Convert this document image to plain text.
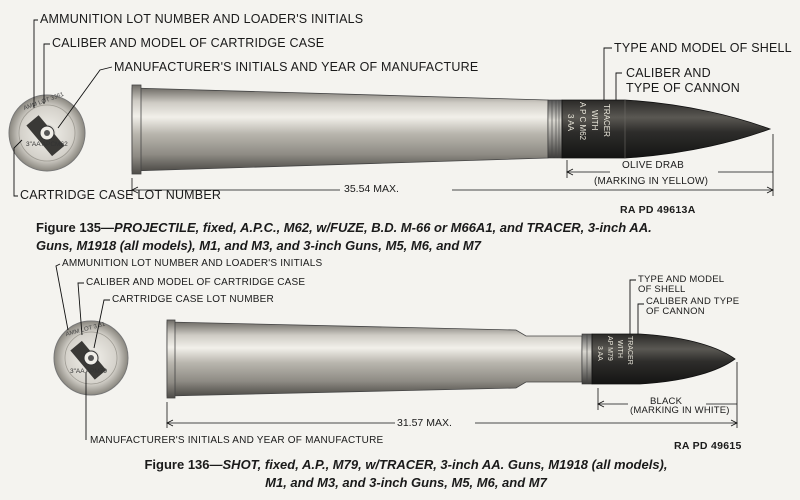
AMM LOT 3361
3"AA APCM62
3 AA A P C M62 WITH TRACER
AMM LOT 3 31
3"AA APM79
3 AA AP M79 WITH TRACER
AMMUNITION LOT NUMBER AND LOADER'S INITIALS
CALIBER AND MODEL OF CARTRIDGE CASE
MANUFACTURER'S INITIALS AND YEAR OF MANUFACTURE
CARTRIDGE CASE LOT NUMBER
TYPE AND MODEL OF SHELL
CALIBER AND
TYPE OF CANNON
OLIVE DRAB
(MARKING IN YELLOW)
35.54 MAX.
RA PD 49613A
Figure 135—PROJECTILE, fixed, A.P.C., M62, w/FUZE, B.D. M-66 or M66A1, and TRACER, 3-inch AA.
Guns, M1918 (all models), M1, and M3, and 3-inch Guns, M5, M6, and M7
AMMUNITION LOT NUMBER AND LOADER'S INITIALS
CALIBER AND MODEL OF CARTRIDGE CASE
CARTRIDGE CASE LOT NUMBER
MANUFACTURER'S INITIALS AND YEAR OF MANUFACTURE
TYPE AND MODEL
OF SHELL
CALIBER AND TYPE
OF CANNON
BLACK
(MARKING IN WHITE)
31.57 MAX.
RA PD 49615
Figure 136—SHOT, fixed, A.P., M79, w/TRACER, 3-inch AA. Guns, M1918 (all models),
M1, and M3, and 3-inch Guns, M5, M6, and M7
